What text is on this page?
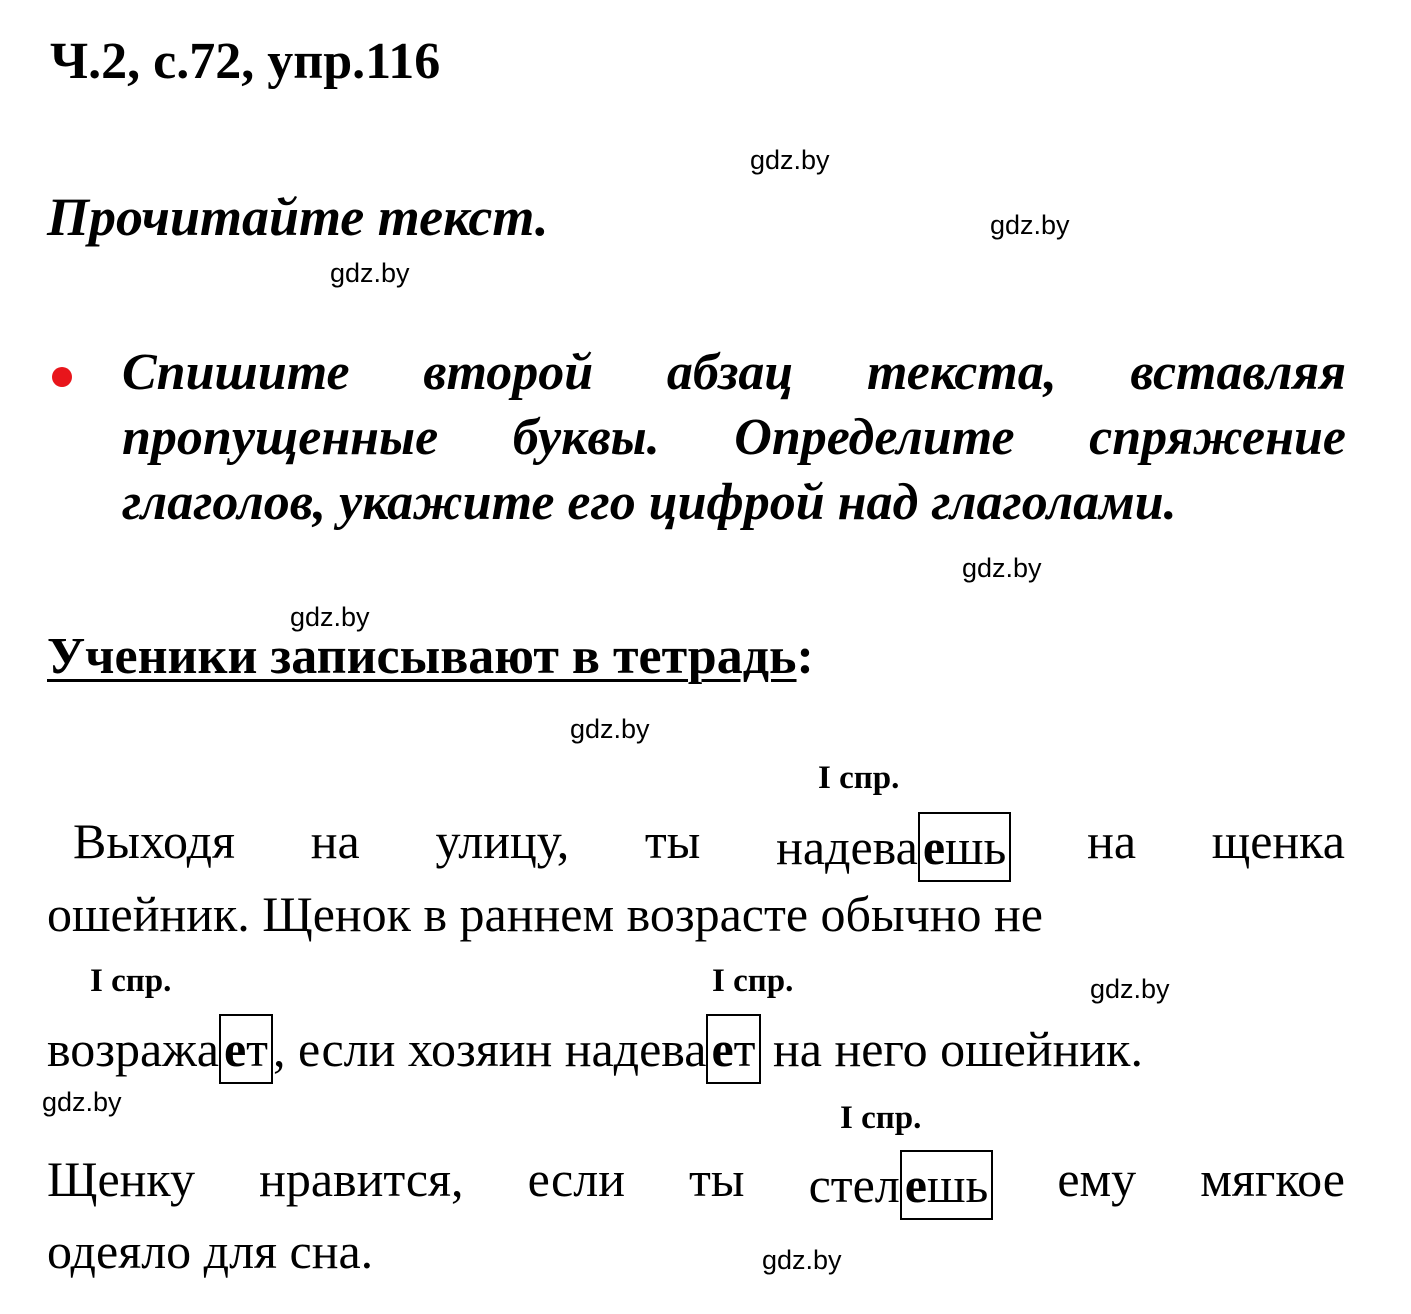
Ч.2, с.72, упр.116
gdz.by
gdz.by
gdz.by
gdz.by
gdz.by
gdz.by
gdz.by
gdz.by
gdz.by
Прочитайте текст.
Спишите второй абзац текста, вставляя
пропущенные буквы. Определите спряжение
глаголов, укажите его цифрой над глаголами.
Ученики записывают в тетрадь:
I спр.
Выходя на улицу, ты надева ешь на щенка
ошейник. Щенок в раннем возрасте обычно не
I спр.	I спр.
возража ет , если хозяин надева ет на него ошейник.
I спр.
Щенку нравится, если ты стел ешь ему мягкое
одеяло для сна.
